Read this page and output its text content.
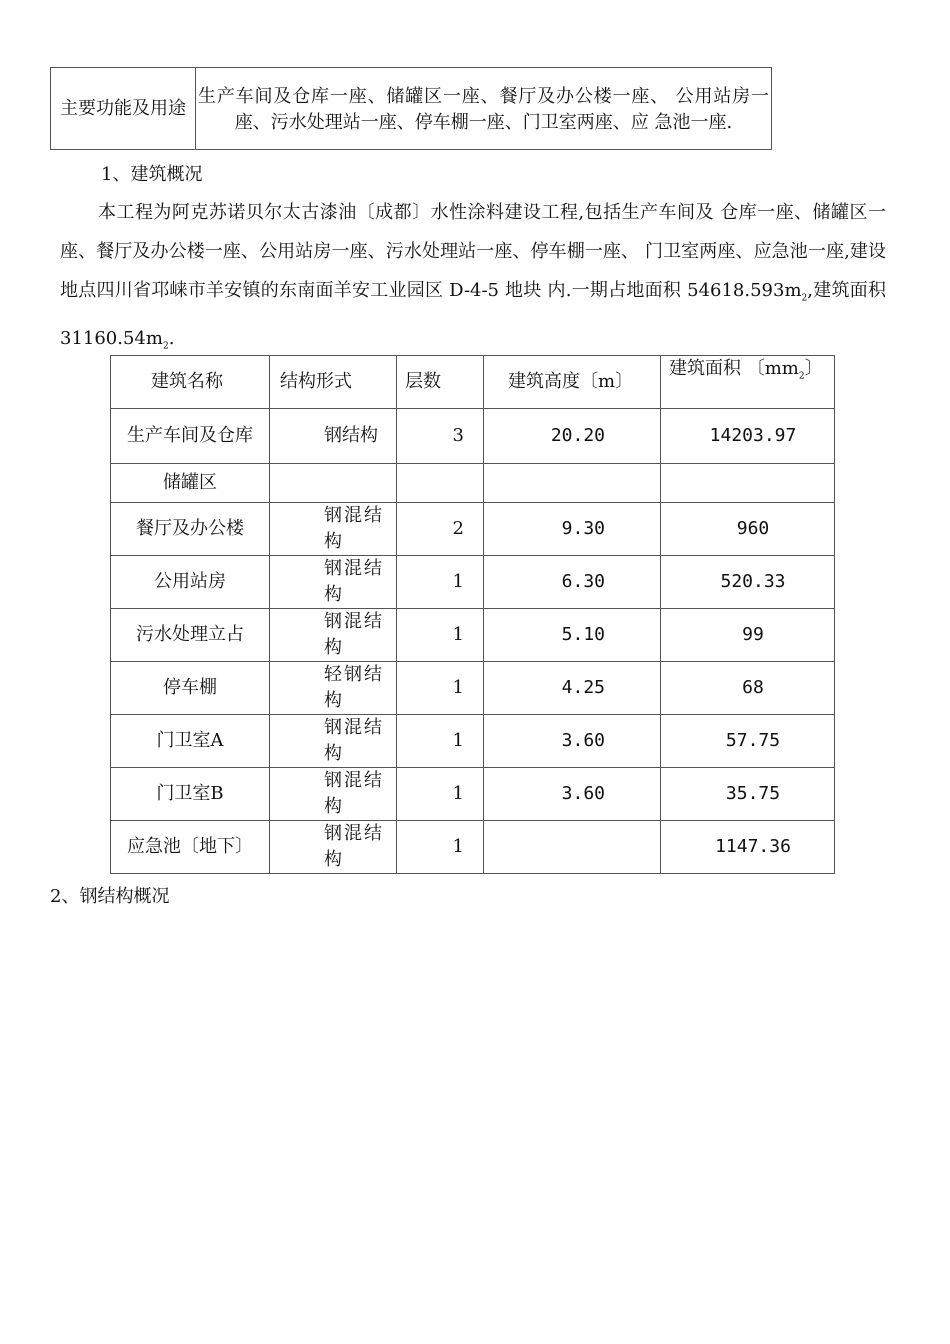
主要功能及用途	生产车间及仓库一座、储罐区一座、餐厅及办公楼一座、 公用站房一座、污水处理站一座、停车棚一座、门卫室两座、应 急池一座.

1、建筑概况

本工程为阿克苏诺贝尔太古漆油〔成都〕水性涂料建设工程,包括生产车间及 仓库一座、储罐区一座、餐厅及办公楼一座、公用站房一座、污水处理站一座、停车棚一座、 门卫室两座、应急池一座,建设地点四川省邛崃市羊安镇的东南面羊安工业园区 D-4-5 地块 内.一期占地面积 $54618.593m_2$,建筑面积 $31160.54m_2$.

建筑名称	结构形式	层数	建筑高度〔m〕	建筑面积 〔$mm_2$〕
生产车间及仓库	钢结构	3	20.20	14203.97
储罐区				
餐厅及办公楼	钢混结构	2	9.30	960
公用站房	钢混结构	1	6.30	520.33
污水处理立占	钢混结构	1	5.10	99
停车棚	轻钢结构	1	4.25	68
门卫室A	钢混结构	1	3.60	57.75
门卫室B	钢混结构	1	3.60	35.75
应急池〔地下〕	钢混结构	1		1147.36

2、钢结构概况
